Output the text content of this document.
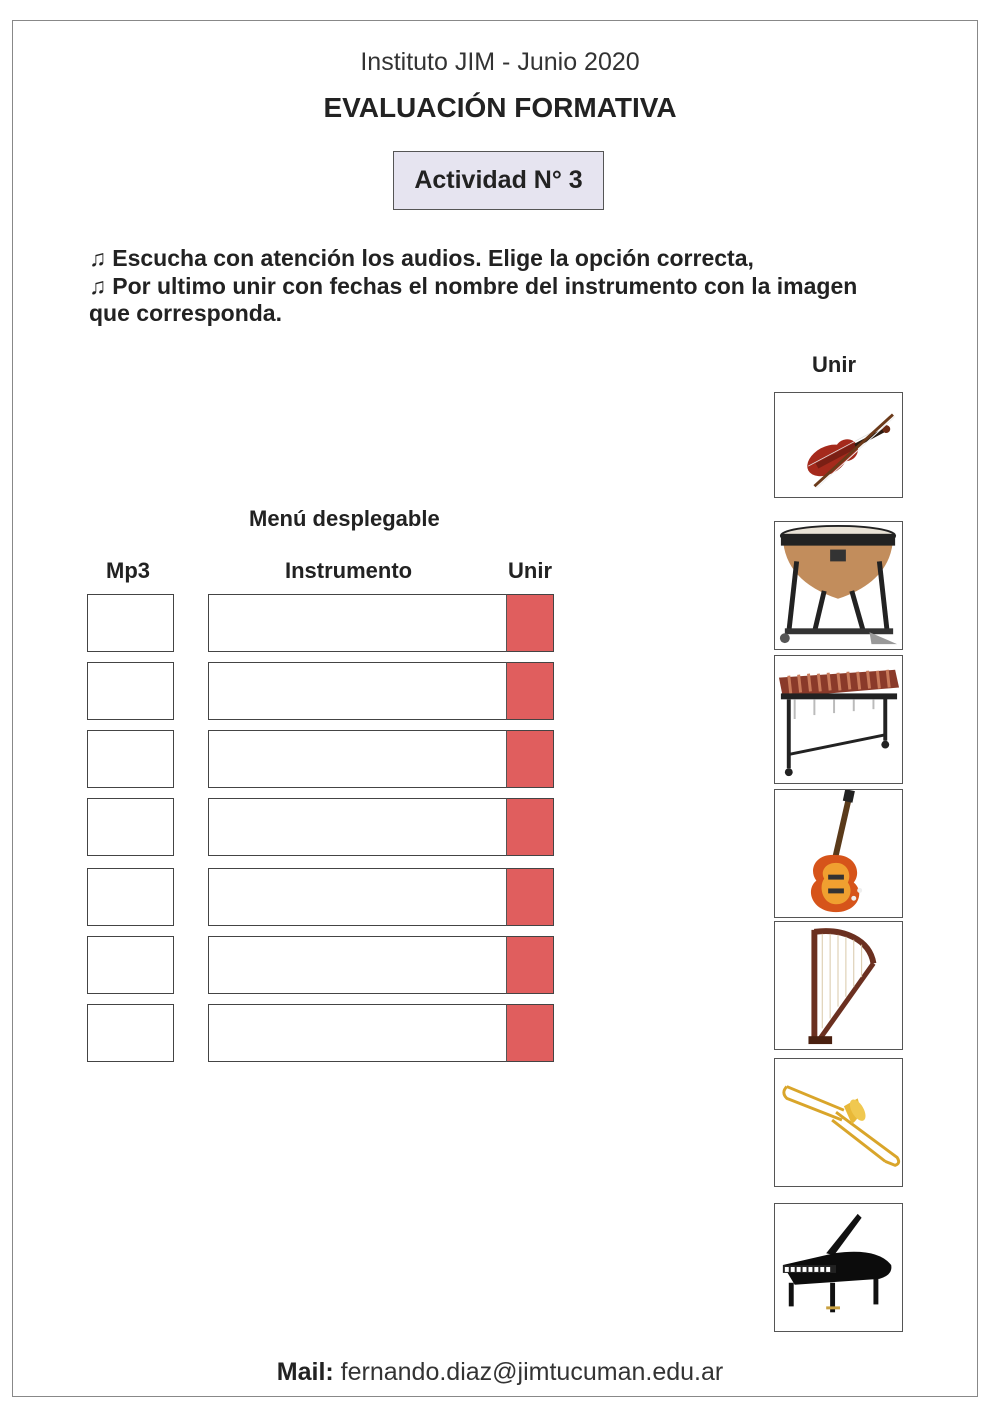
Instituto JIM - Junio 2020
EVALUACIÓN FORMATIVA
Actividad N° 3
♫ Escucha con atención los audios. Elige la opción correcta,
♫ Por ultimo unir con fechas el nombre del instrumento con la imagen
que corresponda.
Unir
Menú desplegable
Mp3	Instrumento	Unir
Mail: fernando.diaz@jimtucuman.edu.ar
